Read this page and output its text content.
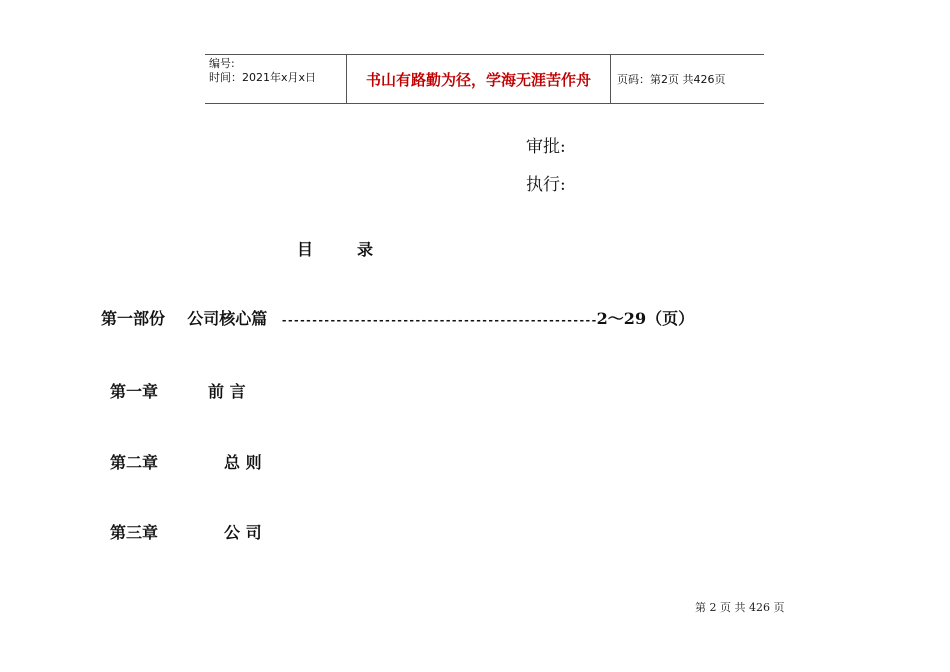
编号:
时间：2021年x月x日	书山有路勤为径，学海无涯苦作舟	页码：第2页 共426页
审批:
执行:
目	录
第一部份 公司核心篇 ----------------------------------------------------2～29（页）
第一章	前 言
第二章	总 则
第三章	公 司
第 2 页 共 426 页
